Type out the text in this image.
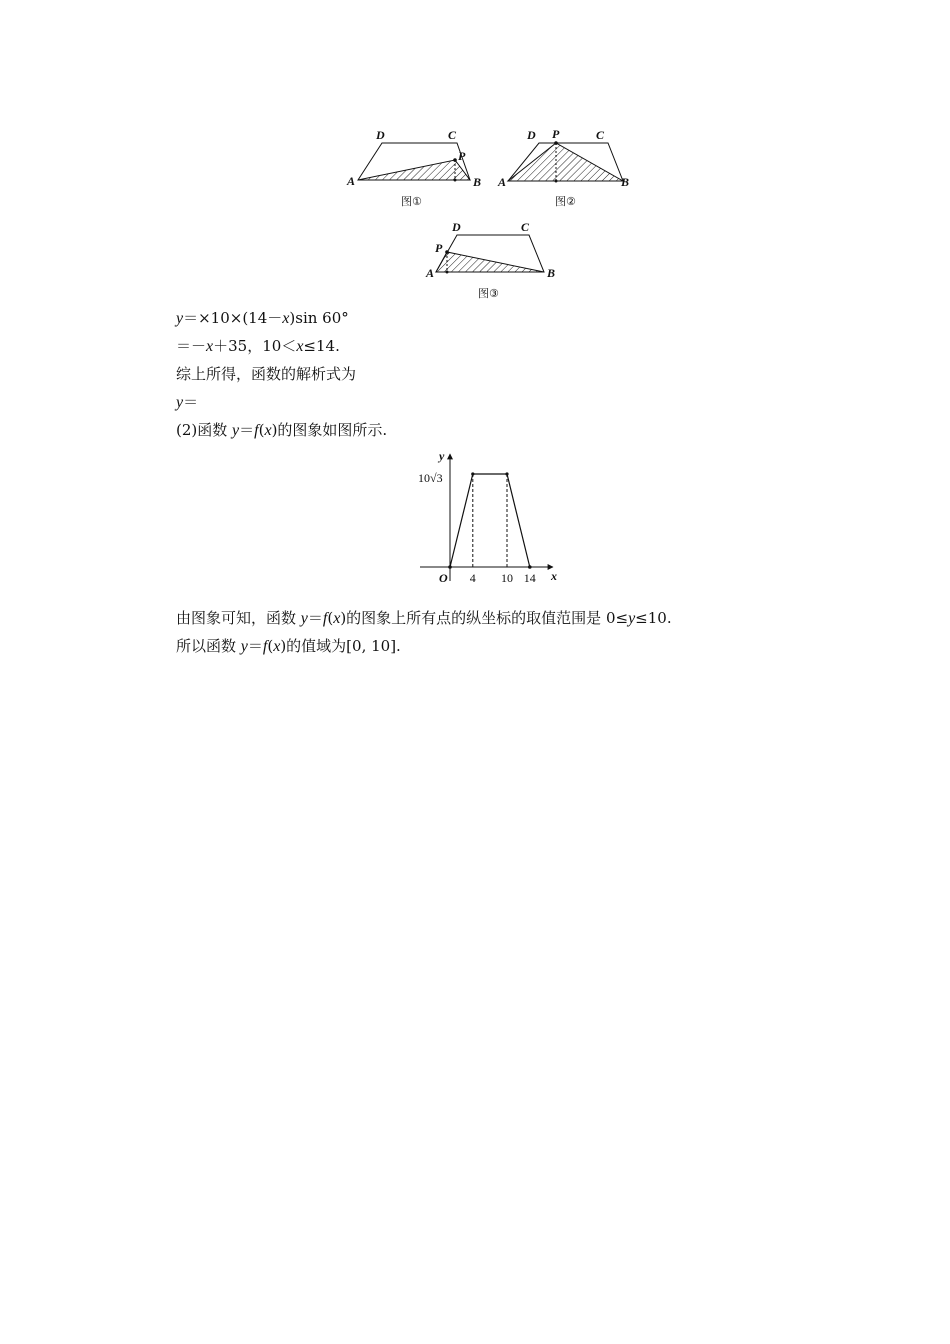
A	B
C
D
P
图①
A	B
C
D P
图②
A	B
C
D
P
图③
y＝×10×(14－x)sin 60°
＝－x＋35，10＜x≤14.
综上所得，函数的解析式为
y＝
(2)函数 y＝f(x)的图象如图所示.
4 10 14
y
x
O
10√3
由图象可知，函数 y＝f(x)的图象上所有点的纵坐标的取值范围是 0≤y≤10.
所以函数 y＝f(x)的值域为[0, 10].
